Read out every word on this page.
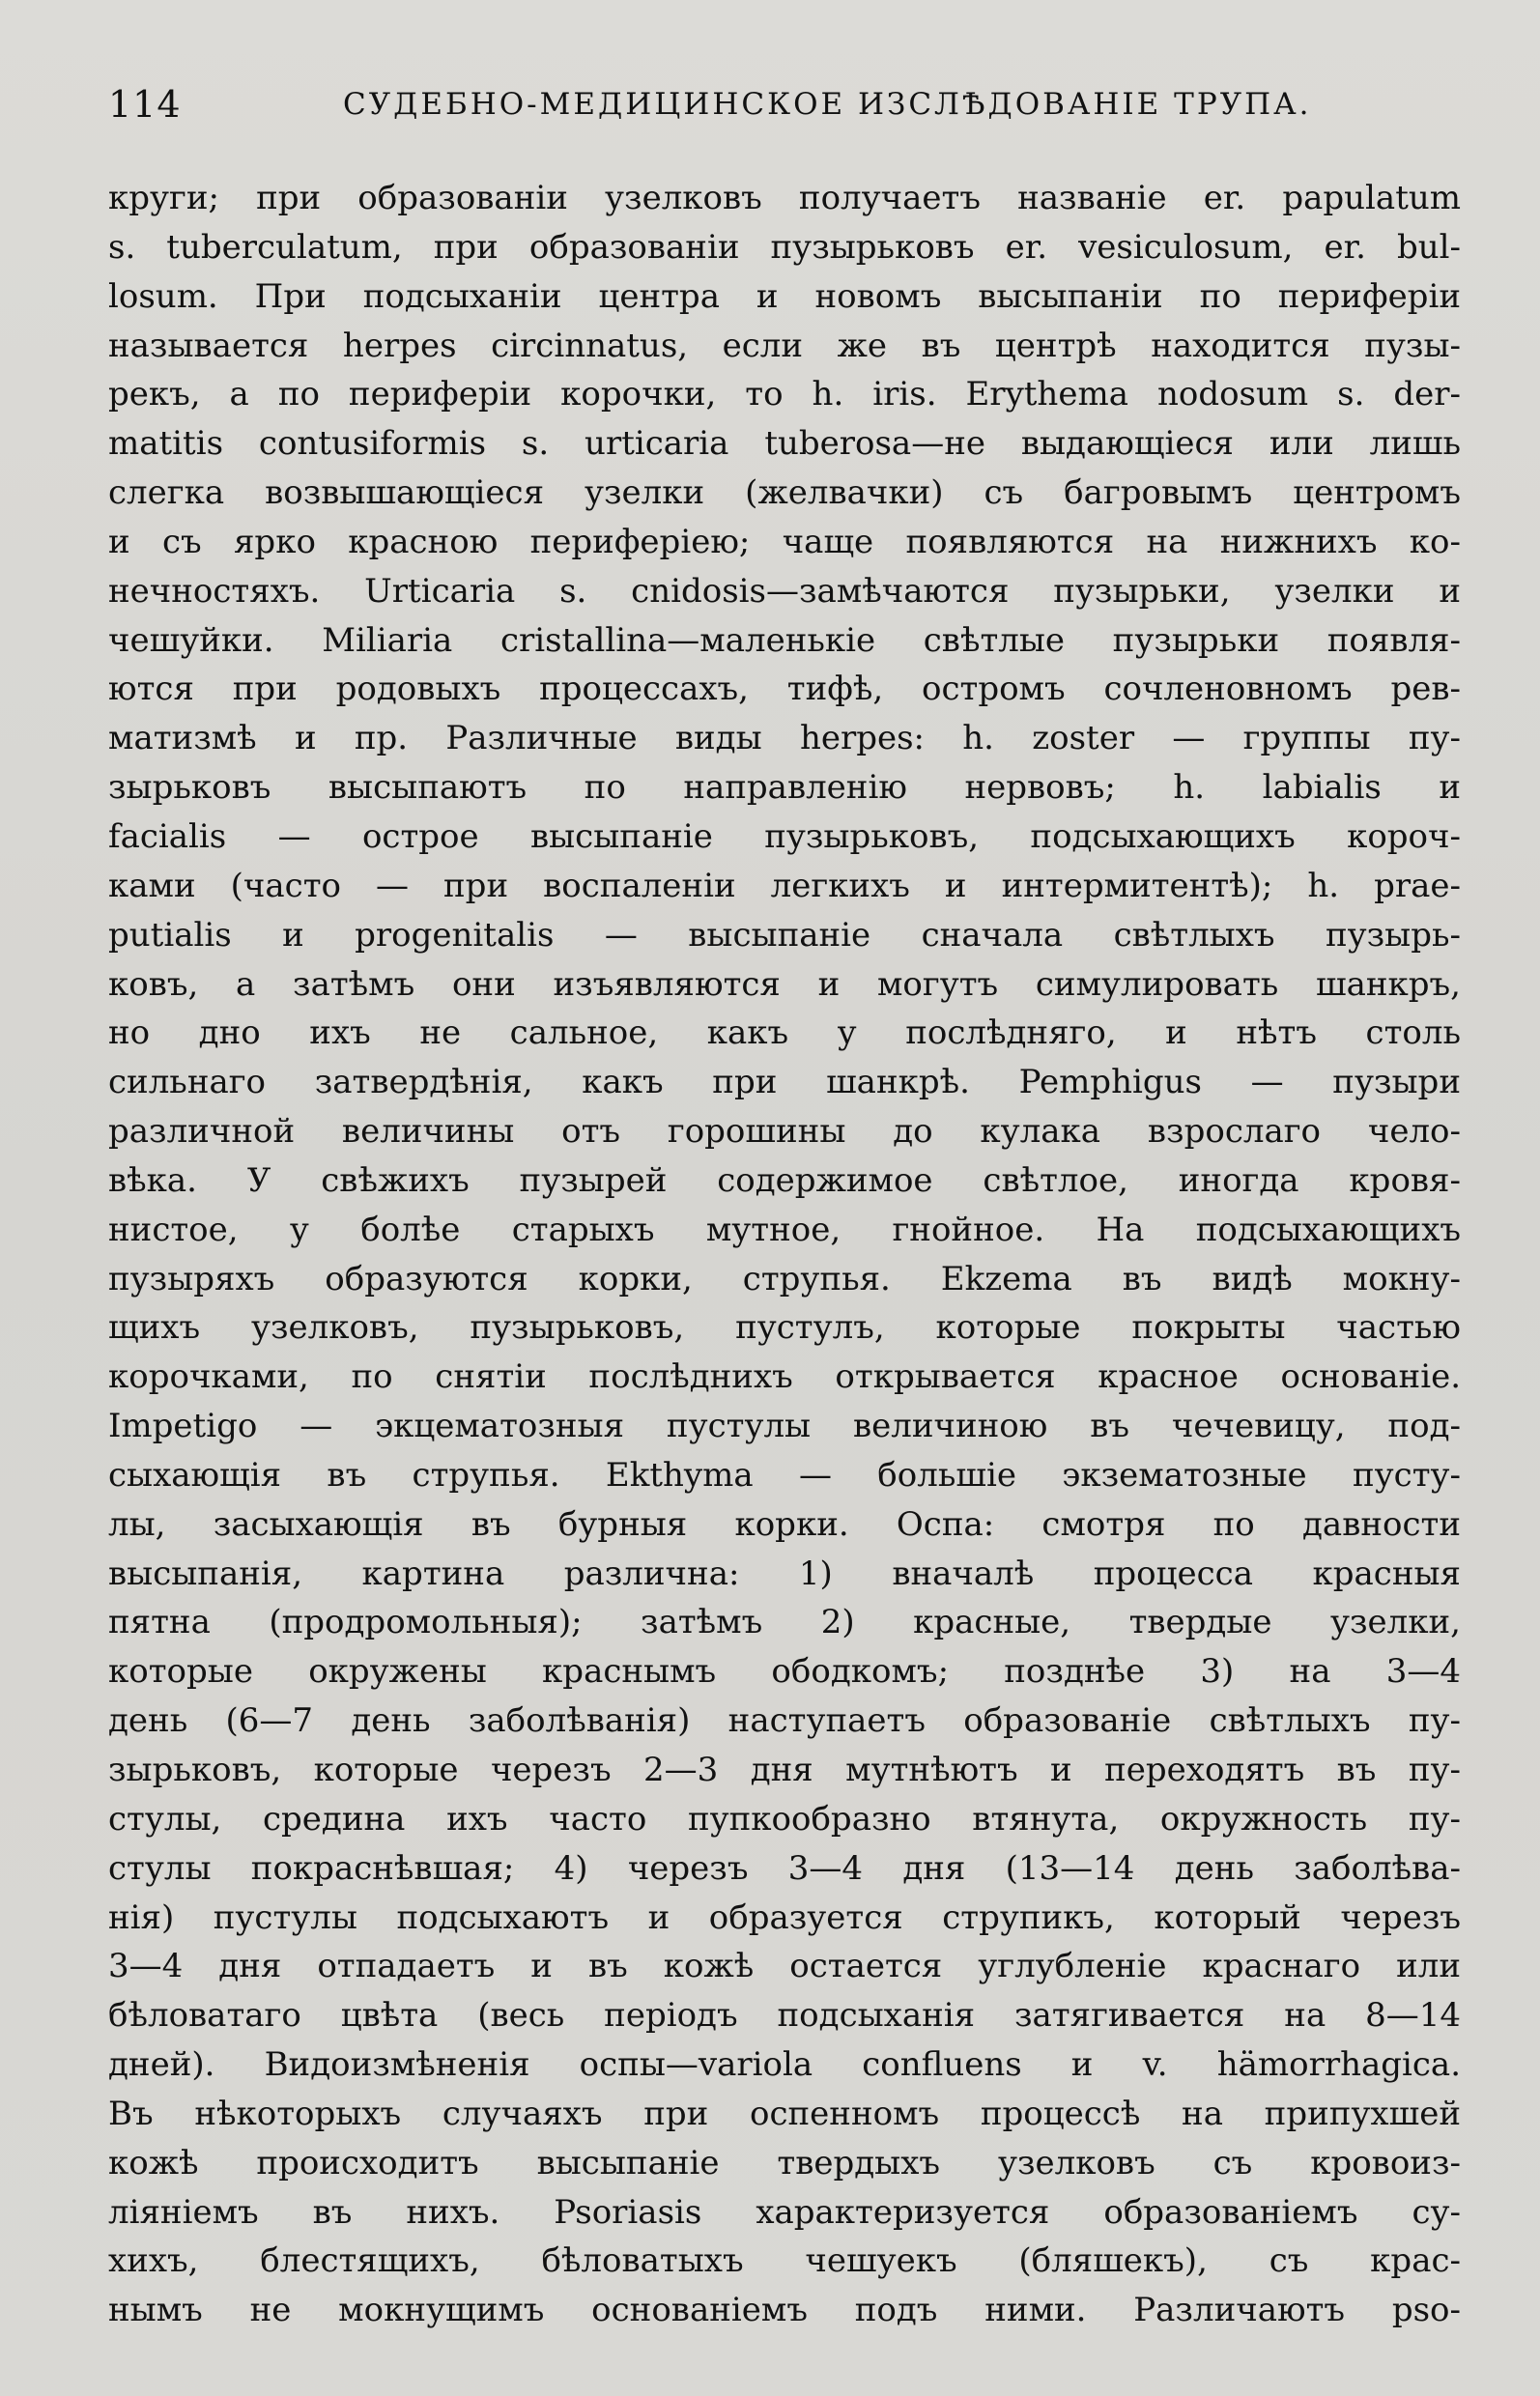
114	СУДЕБНО-МЕДИЦИНСКОЕ ИЗСЛѢДОВАНІЕ ТРУПА.
круги; при образованіи узелковъ получаетъ названіе er. papulatum
s. tuberculatum, при образованіи пузырьковъ er. vesiculosum, er. bul-
losum. При подсыханіи центра и новомъ высыпаніи по периферіи
называется herpes circinnatus, если же въ центрѣ находится пузы-
рекъ, а по периферіи корочки, то h. iris. Erythema nodosum s. der-
matitis contusiformis s. urticaria tuberosa—не выдающіеся или лишь
слегка возвышающіеся узелки (желвачки) съ багровымъ центромъ
и съ ярко красною периферіею; чаще появляются на нижнихъ ко-
нечностяхъ. Urticaria s. cnidosis—замѣчаются пузырьки, узелки и
чешуйки. Miliaria cristallina—маленькіе свѣтлые пузырьки появля-
ются при родовыхъ процессахъ, тифѣ, остромъ сочленовномъ рев-
матизмѣ и пр. Различные виды herpes: h. zoster — группы пу-
зырьковъ высыпаютъ по направленію нервовъ; h. labialis и
facialis — острое высыпаніе пузырьковъ, подсыхающихъ короч-
ками (часто — при воспаленіи легкихъ и интермитентѣ); h. prae-
putialis и progenitalis — высыпаніе сначала свѣтлыхъ пузырь-
ковъ, а затѣмъ они изъявляются и могутъ симулировать шанкръ,
но дно ихъ не сальное, какъ у послѣдняго, и нѣтъ столь
сильнаго затвердѣнія, какъ при шанкрѣ. Pemphigus — пузыри
различной величины отъ горошины до кулака взрослаго чело-
вѣка. У свѣжихъ пузырей содержимое свѣтлое, иногда кровя-
нистое, у болѣе старыхъ мутное, гнойное. На подсыхающихъ
пузыряхъ образуются корки, струпья. Ekzema въ видѣ мокну-
щихъ узелковъ, пузырьковъ, пустулъ, которые покрыты частью
корочками, по снятіи послѣднихъ открывается красное основаніе.
Impetigo — экцематозныя пустулы величиною въ чечевицу, под-
сыхающія въ струпья. Ekthyma — большіе экзематозные пусту-
лы, засыхающія въ бурныя корки. Оспа: смотря по давности
высыпанія, картина различна: 1) вначалѣ процесса красныя
пятна (продромольныя); затѣмъ 2) красные, твердые узелки,
которые окружены краснымъ ободкомъ; позднѣе 3) на 3—4
день (6—7 день заболѣванія) наступаетъ образованіе свѣтлыхъ пу-
зырьковъ, которые черезъ 2—3 дня мутнѣютъ и переходятъ въ пу-
стулы, средина ихъ часто пупкообразно втянута, окружность пу-
стулы покраснѣвшая; 4) черезъ 3—4 дня (13—14 день заболѣва-
нія) пустулы подсыхаютъ и образуется струпикъ, который черезъ
3—4 дня отпадаетъ и въ кожѣ остается углубленіе краснаго или
бѣловатаго цвѣта (весь періодъ подсыханія затягивается на 8—14
дней). Видоизмѣненія оспы—variola confluens и v. hämorrhagica.
Въ нѣкоторыхъ случаяхъ при оспенномъ процессѣ на припухшей
кожѣ происходитъ высыпаніе твердыхъ узелковъ съ кровоиз-
ліяніемъ въ нихъ. Psoriasis характеризуется образованіемъ су-
хихъ, блестящихъ, бѣловатыхъ чешуекъ (бляшекъ), съ крас-
нымъ не мокнущимъ основаніемъ подъ ними. Различаютъ pso-
